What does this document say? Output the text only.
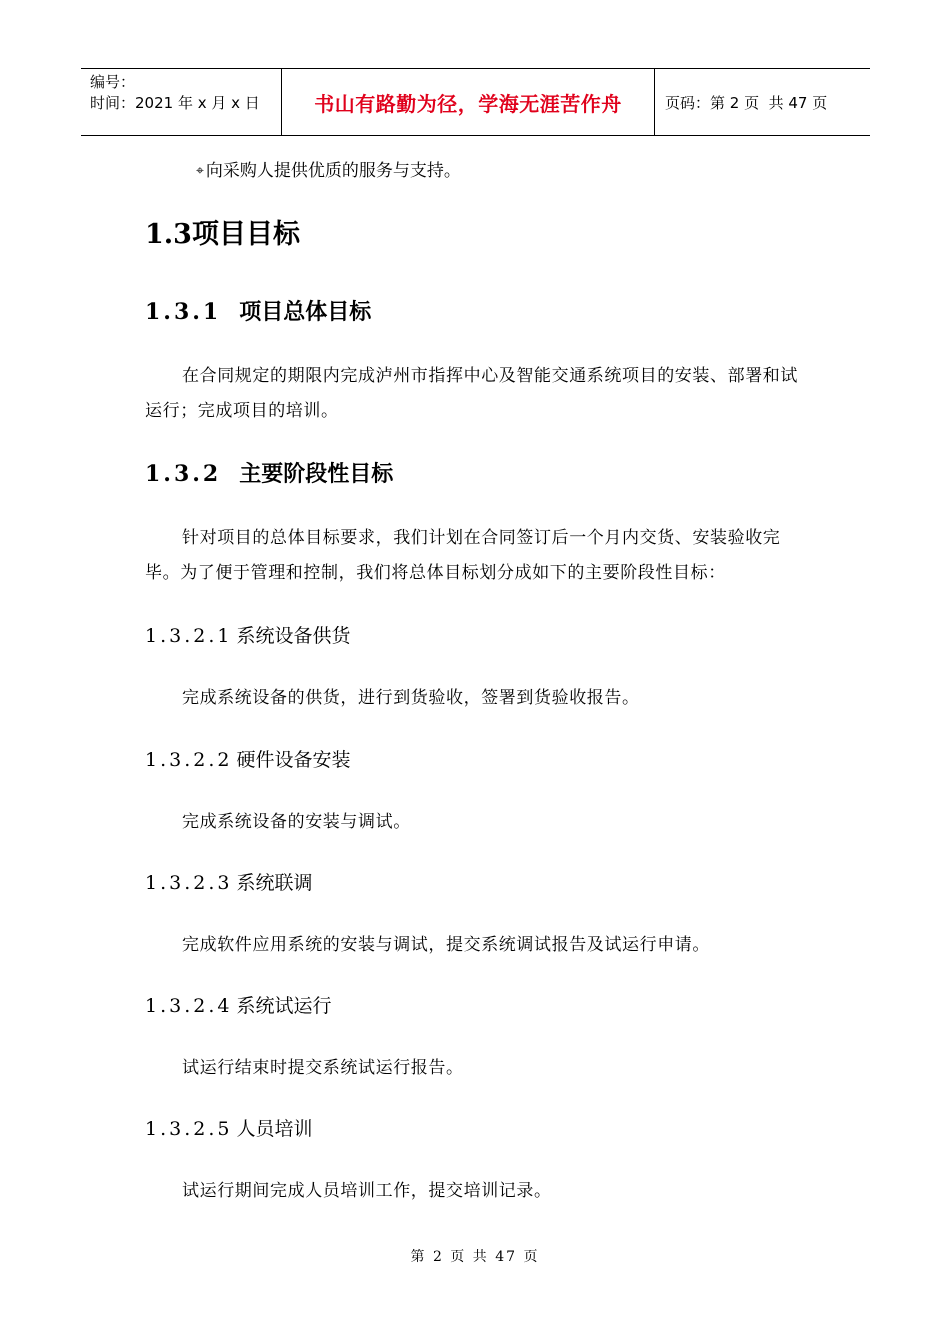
编号：
时间：2021 年 x 月 x 日	书山有路勤为径，学海无涯苦作舟	页码：第 2 页  共 47 页
⌖ 向采购人提供优质的服务与支持。
1.3项目目标
1.3.1 项目总体目标
在合同规定的期限内完成泸州市指挥中心及智能交通系统项目的安装、部署和试运行；完成项目的培训。
1.3.2 主要阶段性目标
针对项目的总体目标要求，我们计划在合同签订后一个月内交货、安装验收完毕。为了便于管理和控制，我们将总体目标划分成如下的主要阶段性目标：
1.3.2.1 系统设备供货
完成系统设备的供货，进行到货验收，签署到货验收报告。
1.3.2.2 硬件设备安装
完成系统设备的安装与调试。
1.3.2.3 系统联调
完成软件应用系统的安装与调试，提交系统调试报告及试运行申请。
1.3.2.4 系统试运行
试运行结束时提交系统试运行报告。
1.3.2.5 人员培训
试运行期间完成人员培训工作，提交培训记录。
第 2 页 共 47 页
